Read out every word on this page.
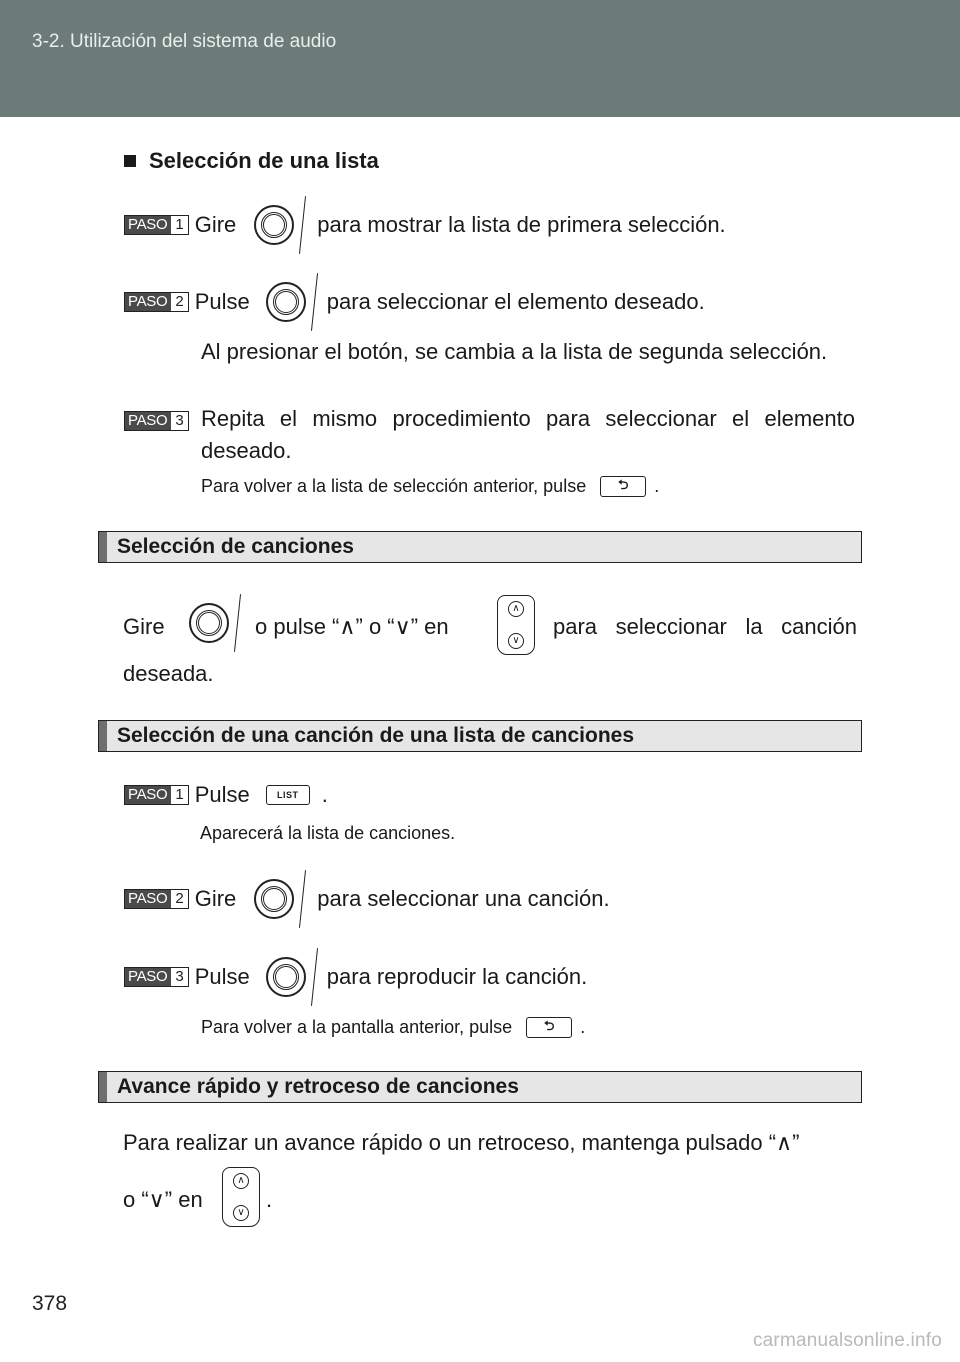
3-2. Utilización del sistema de audio
Selección de una lista
PASO 1 Gire	para mostrar la lista de primera selección.
PASO 2 Pulse	para seleccionar el elemento deseado.
Al presionar el botón, se cambia a la lista de segunda selección.
PASO 3 Repita el mismo procedimiento para seleccionar el elemento deseado.
Para volver a la lista de selección anterior, pulse	⮌	.
Selección de canciones
Gire	o pulse “∧” o “∨” en
∧
∨
para seleccionar la canción
deseada.
Selección de una canción de una lista de canciones
PASO 1 Pulse	LIST	.
Aparecerá la lista de canciones.
PASO 2 Gire	para seleccionar una canción.
PASO 3 Pulse	para reproducir la canción.
Para volver a la pantalla anterior, pulse	⮌	.
Avance rápido y retroceso de canciones
Para realizar un avance rápido o un retroceso, mantenga pulsado “∧”
o “∨” en
∧
∨
.
378
carmanualsonline.info
